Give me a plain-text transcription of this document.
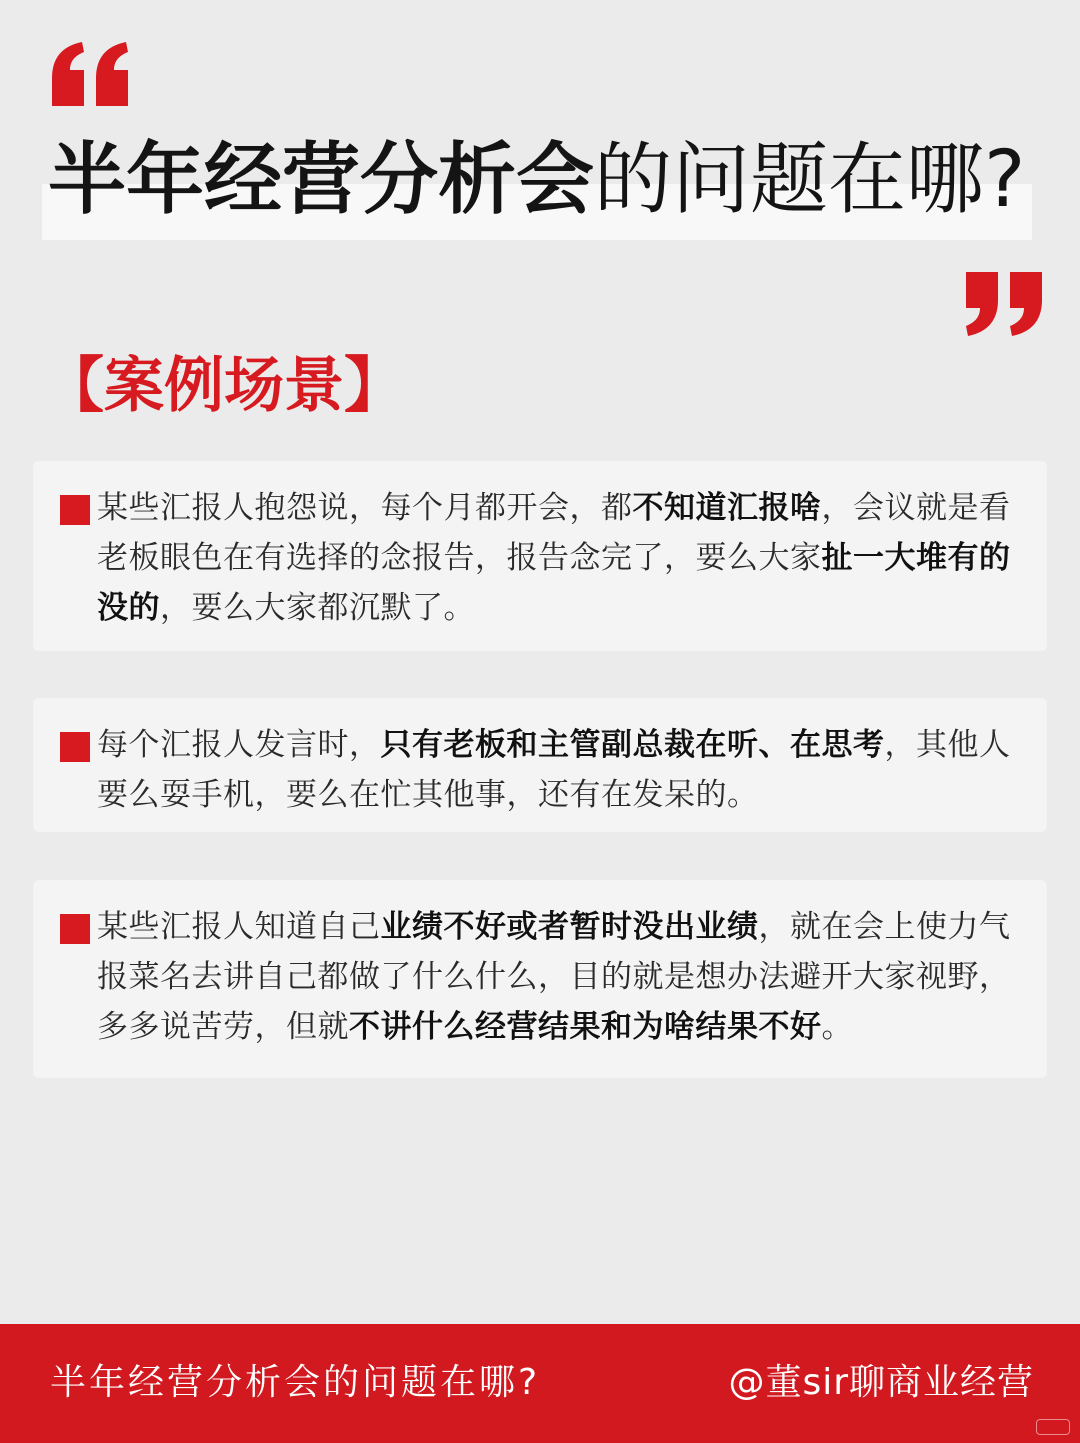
半年经营分析会的问题在哪?
【案例场景】
某些汇报人抱怨说，每个月都开会，都不知道汇报啥，会议就是看老板眼色在有选择的念报告，报告念完了，要么大家扯一大堆有的没的，要么大家都沉默了。
每个汇报人发言时，只有老板和主管副总裁在听、在思考，其他人要么耍手机，要么在忙其他事，还有在发呆的。
某些汇报人知道自己业绩不好或者暂时没出业绩，就在会上使力气报菜名去讲自己都做了什么什么，目的就是想办法避开大家视野，多多说苦劳，但就不讲什么经营结果和为啥结果不好。
半年经营分析会的问题在哪?	@董sir聊商业经营
